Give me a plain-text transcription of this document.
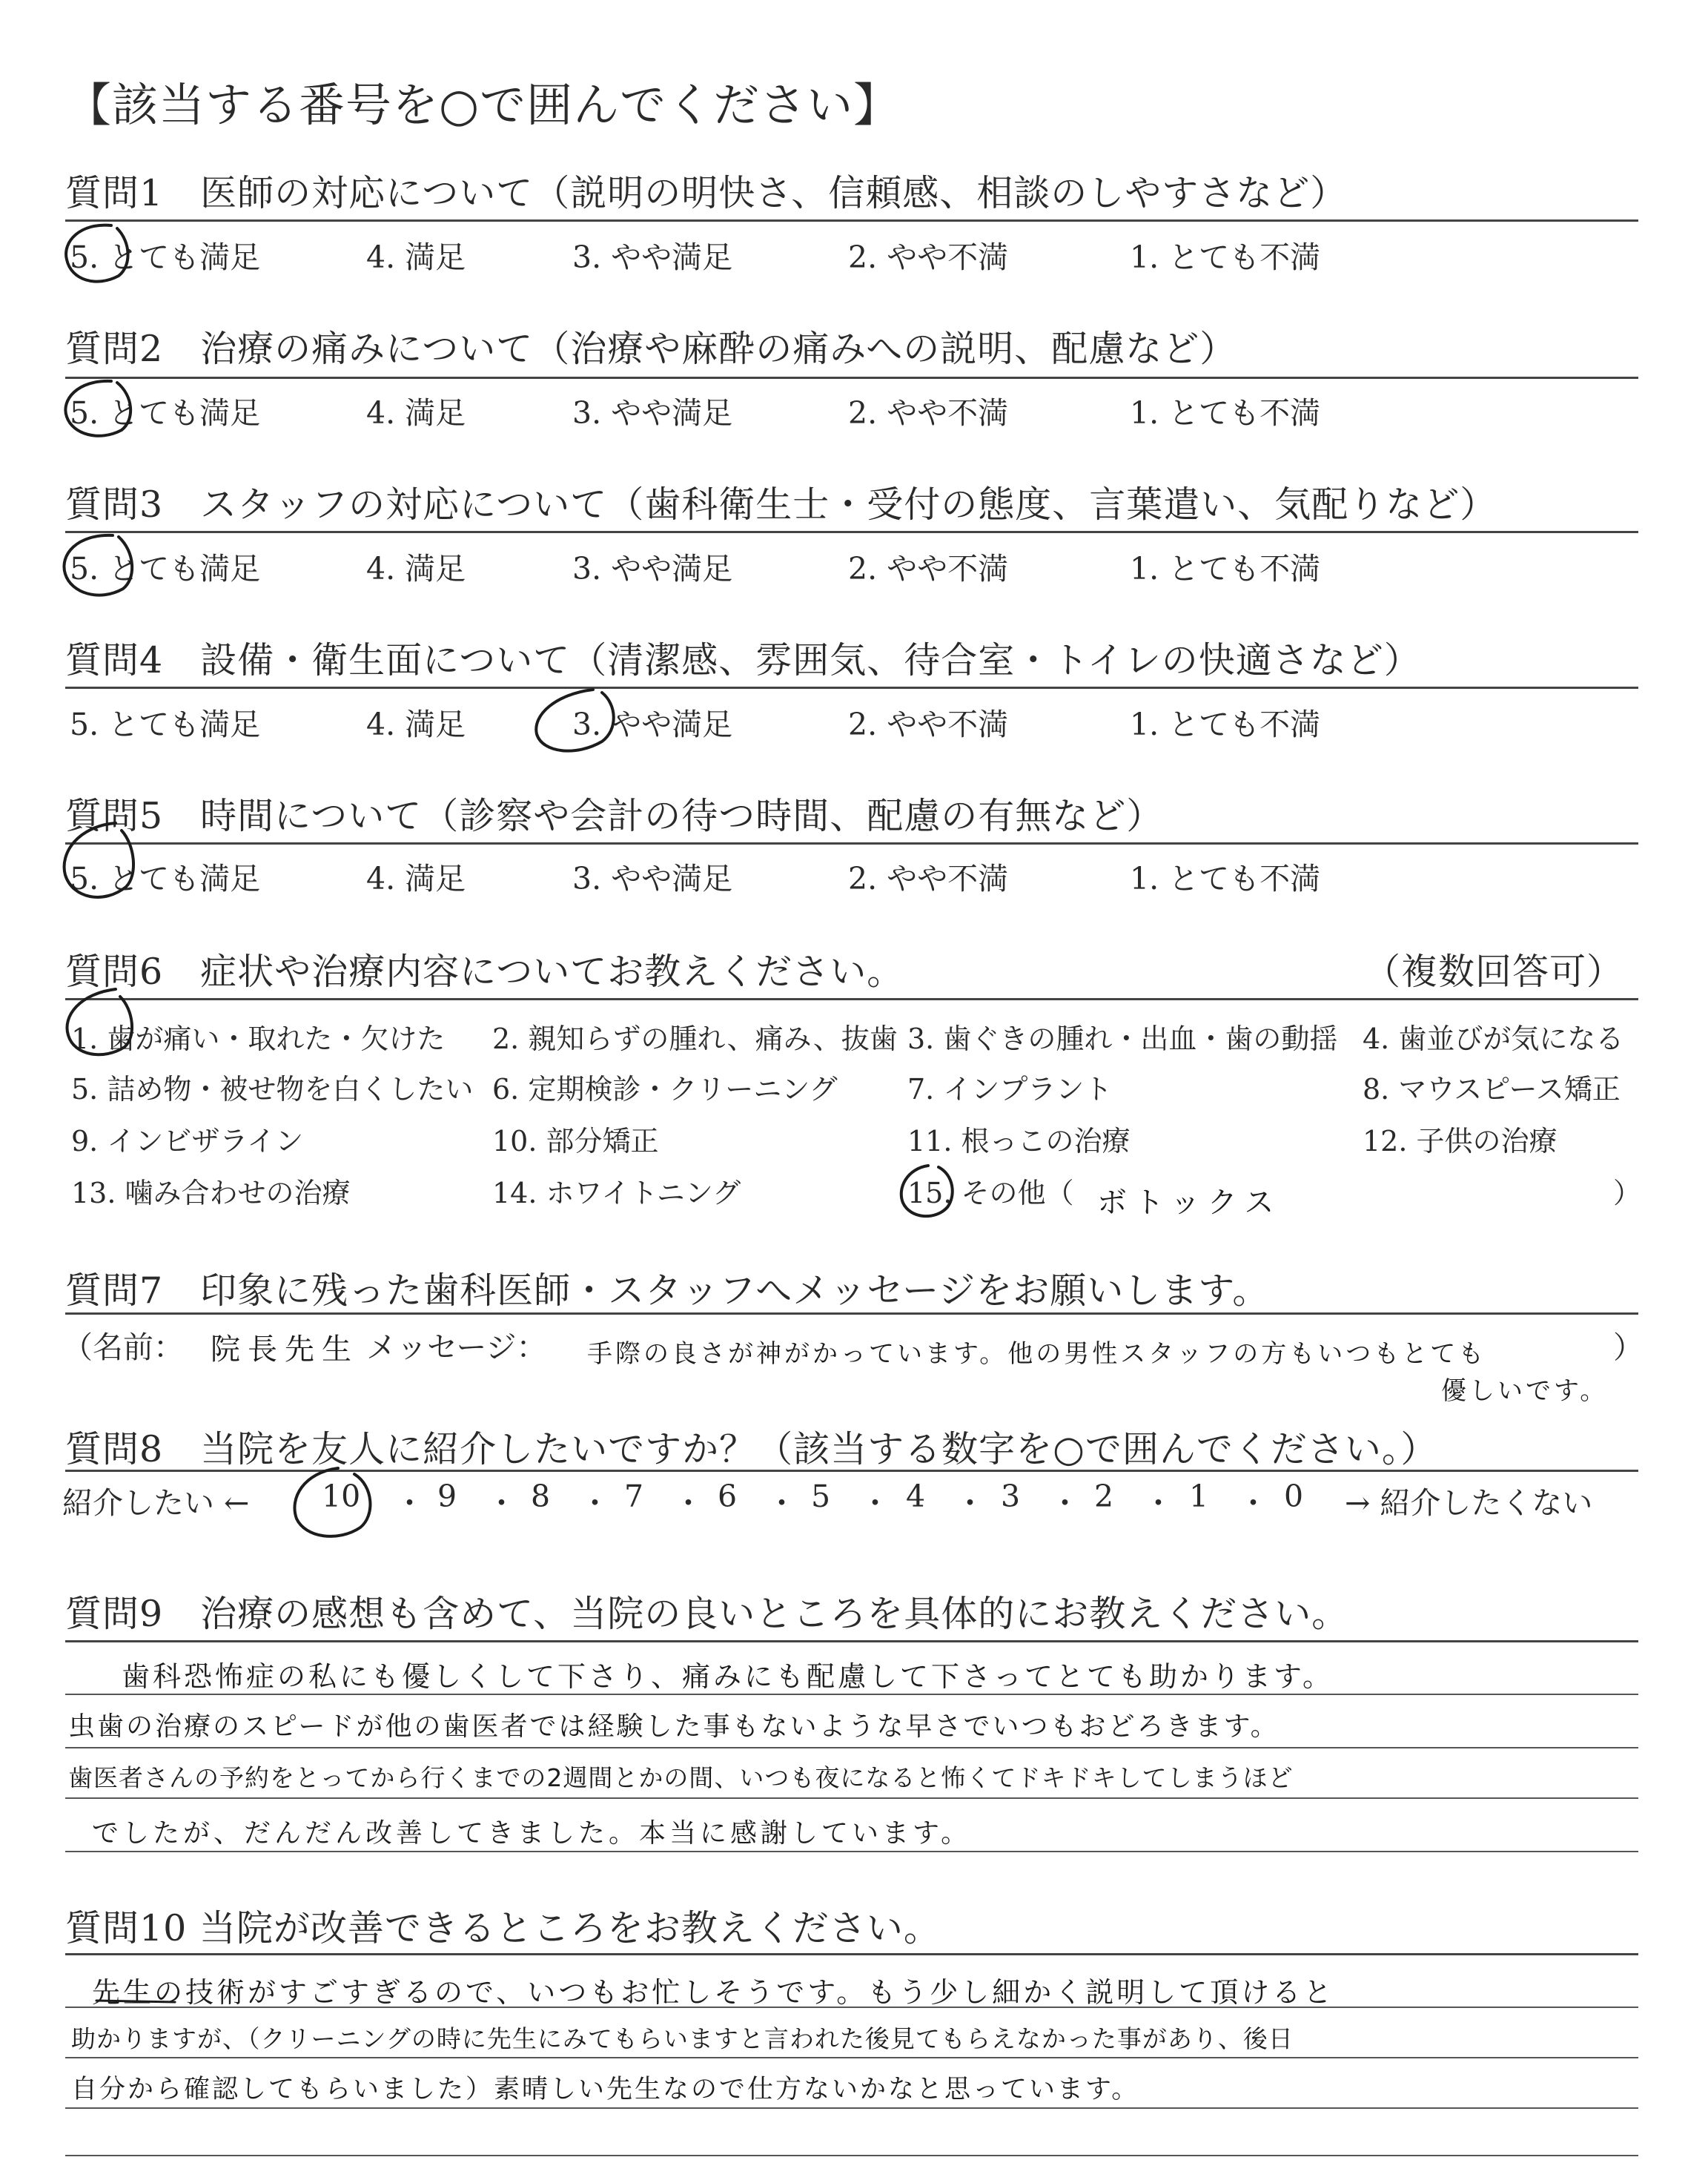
【該当する番号を○で囲んでください】
質問1　医師の対応について（説明の明快さ、信頼感、相談のしやすさなど）
5. とても満足	4. 満足	3. やや満足	2. やや不満	1. とても不満
質問2　治療の痛みについて（治療や麻酔の痛みへの説明、配慮など）
5. とても満足	4. 満足	3. やや満足	2. やや不満	1. とても不満
質問3　スタッフの対応について（歯科衛生士・受付の態度、言葉遣い、気配りなど）
5. とても満足	4. 満足	3. やや満足	2. やや不満	1. とても不満
質問4　設備・衛生面について（清潔感、雰囲気、待合室・トイレの快適さなど）
5. とても満足	4. 満足	3. やや満足	2. やや不満	1. とても不満
質問5　時間について（診察や会計の待つ時間、配慮の有無など）
5. とても満足	4. 満足	3. やや満足	2. やや不満	1. とても不満
質問6　症状や治療内容についてお教えください。	（複数回答可）
1. 歯が痛い・取れた・欠けた 2. 親知らずの腫れ、痛み、抜歯 3. 歯ぐきの腫れ・出血・歯の動揺 4. 歯並びが気になる
5. 詰め物・被せ物を白くしたい 6. 定期検診・クリーニング 7. インプラント	8. マウスピース矯正
9. インビザライン	10. 部分矯正	11. 根っこの治療	12. 子供の治療
13. 噛み合わせの治療	14. ホワイトニング	15. その他（ ボトックス	）
質問7　印象に残った歯科医師・スタッフへメッセージをお願いします。
（名前： 院長先生 メッセージ： 手際の良さが神がかっています。他の男性スタッフの方もいつもとても
優しいです。
）
質問8　当院を友人に紹介したいですか？（該当する数字を○で囲んでください。）
紹介したい ← 10 ・ 9 ・ 8 ・ 7 ・ 6 ・ 5 ・ 4 ・ 3 ・ 2 ・ 1 ・ 0 → 紹介したくない
質問9　治療の感想も含めて、当院の良いところを具体的にお教えください。
歯科恐怖症の私にも優しくして下さり、痛みにも配慮して下さってとても助かります。
虫歯の治療のスピードが他の歯医者では経験した事もないような早さでいつもおどろきます。
歯医者さんの予約をとってから行くまでの2週間とかの間、いつも夜になると怖くてドキドキしてしまうほど
でしたが、だんだん改善してきました。本当に感謝しています。
質問10 当院が改善できるところをお教えください。
先生の技術がすごすぎるので、いつもお忙しそうです。もう少し細かく説明して頂けると
助かりますが、（クリーニングの時に先生にみてもらいますと言われた後見てもらえなかった事があり、後日
自分から確認してもらいました）素晴しい先生なので仕方ないかなと思っています。
